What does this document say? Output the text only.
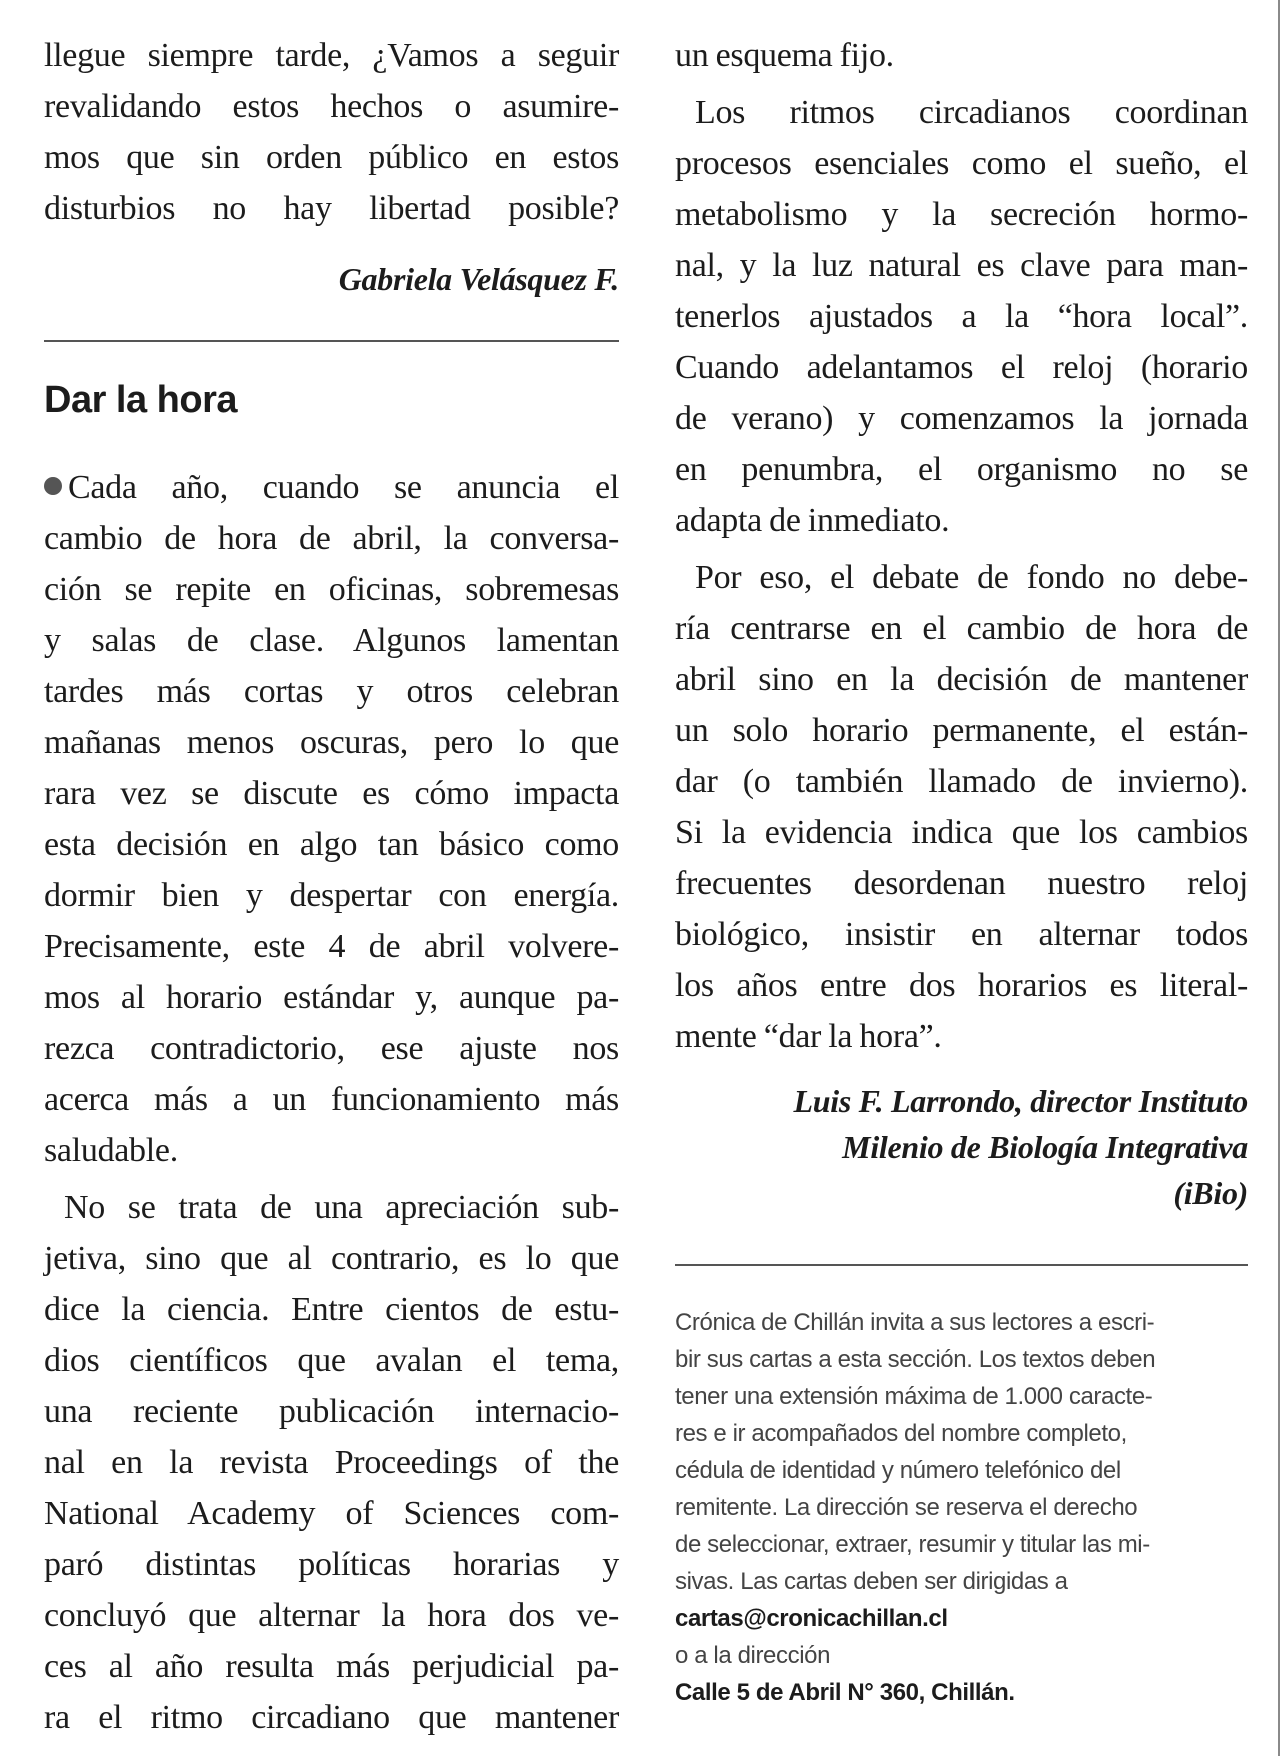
llegue siempre tarde, ¿Vamos a seguir
revalidando estos hechos o asumire-
mos que sin orden público en estos
disturbios no hay libertad posible?
Gabriela Velásquez F.
Dar la hora
Cada año, cuando se anuncia el
cambio de hora de abril, la conversa-
ción se repite en oficinas, sobremesas
y salas de clase. Algunos lamentan
tardes más cortas y otros celebran
mañanas menos oscuras, pero lo que
rara vez se discute es cómo impacta
esta decisión en algo tan básico como
dormir bien y despertar con energía.
Precisamente, este 4 de abril volvere-
mos al horario estándar y, aunque pa-
rezca contradictorio, ese ajuste nos
acerca más a un funcionamiento más
saludable.
No se trata de una apreciación sub-
jetiva, sino que al contrario, es lo que
dice la ciencia. Entre cientos de estu-
dios científicos que avalan el tema,
una reciente publicación internacio-
nal en la revista Proceedings of the
National Academy of Sciences com-
paró distintas políticas horarias y
concluyó que alternar la hora dos ve-
ces al año resulta más perjudicial pa-
ra el ritmo circadiano que mantener
un esquema fijo.
Los ritmos circadianos coordinan
procesos esenciales como el sueño, el
metabolismo y la secreción hormo-
nal, y la luz natural es clave para man-
tenerlos ajustados a la “hora local”.
Cuando adelantamos el reloj (horario
de verano) y comenzamos la jornada
en penumbra, el organismo no se
adapta de inmediato.
Por eso, el debate de fondo no debe-
ría centrarse en el cambio de hora de
abril sino en la decisión de mantener
un solo horario permanente, el están-
dar (o también llamado de invierno).
Si la evidencia indica que los cambios
frecuentes desordenan nuestro reloj
biológico, insistir en alternar todos
los años entre dos horarios es literal-
mente “dar la hora”.
Luis F. Larrondo, director Instituto
Milenio de Biología Integrativa
(iBio)
Crónica de Chillán invita a sus lectores a escri-
bir sus cartas a esta sección. Los textos deben
tener una extensión máxima de 1.000 caracte-
res e ir acompañados del nombre completo,
cédula de identidad y número telefónico del
remitente. La dirección se reserva el derecho
de seleccionar, extraer, resumir y titular las mi-
sivas. Las cartas deben ser dirigidas a
cartas@cronicachillan.cl
o a la dirección
Calle 5 de Abril N° 360, Chillán.
